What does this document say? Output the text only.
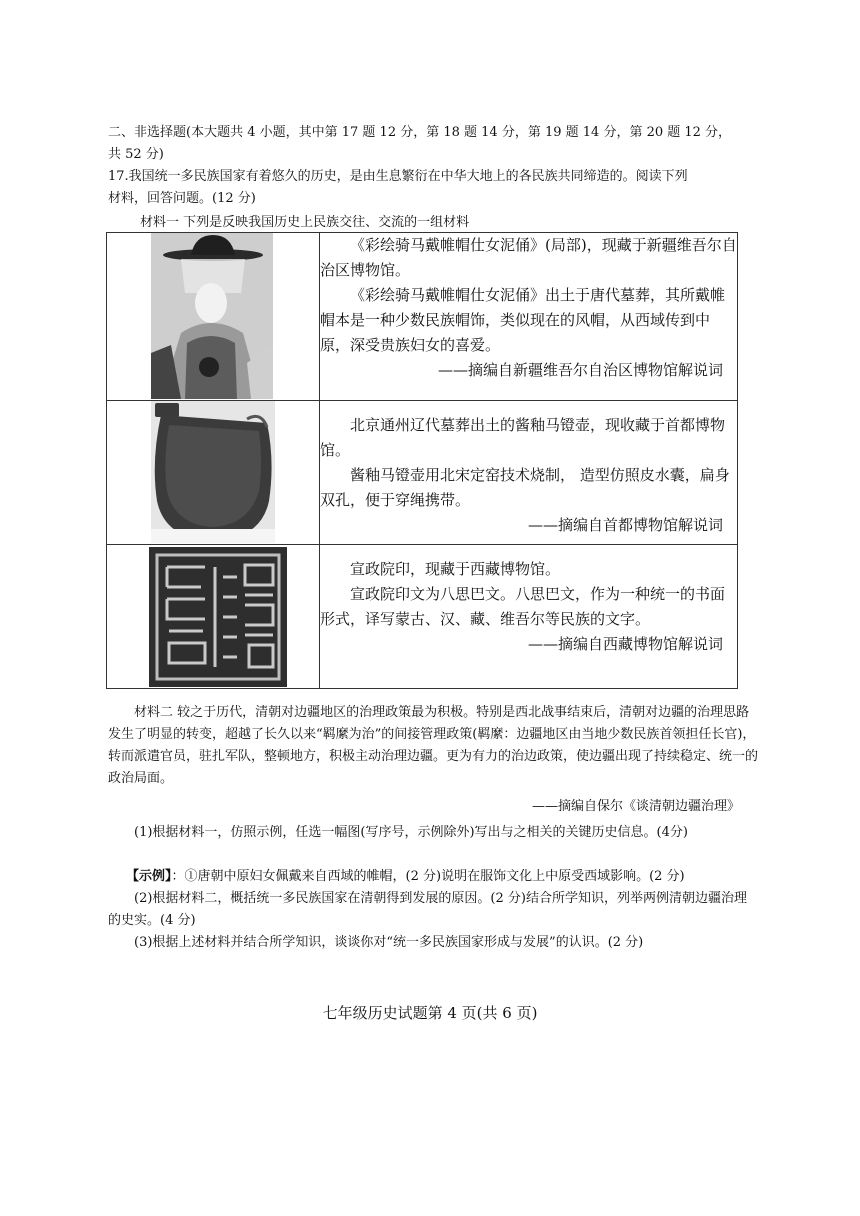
二、非选择题(本大题共 4 小题，其中第 17 题 12 分，第 18 题 14 分，第 19 题 14 分，第 20 题 12 分，
共 52 分)
17.我国统一多民族国家有着悠久的历史，是由生息繁衍在中华大地上的各民族共同缔造的。阅读下列
材料，回答问题。(12 分)
材料一 下列是反映我国历史上民族交往、交流的一组材料

《彩绘骑马戴帷帽仕女泥俑》(局部)，现藏于新疆维吾尔自治区博物馆。

《彩绘骑马戴帷帽仕女泥俑》出土于唐代墓葬，其所戴帷帽本是一种少数民族帽饰，类似现在的风帽，从西域传到中原，深受贵族妇女的喜爱。

——摘编自新疆维吾尔自治区博物馆解说词

北京通州辽代墓葬出土的酱釉马镫壶，现收藏于首都博物馆。

酱釉马镫壶用北宋定窑技术烧制， 造型仿照皮水囊，扁身双孔，便于穿绳携带。

——摘编自首都博物馆解说词

宣政院印，现藏于西藏博物馆。

宣政院印文为八思巴文。八思巴文，作为一种统一的书面形式，译写蒙古、汉、藏、维吾尔等民族的文字。

——摘编自西藏博物馆解说词

材料二 较之于历代，清朝对边疆地区的治理政策最为积极。特别是西北战事结束后，清朝对边疆的治理思路发生了明显的转变，超越了长久以来“羁縻为治”的间接管理政策(羁縻：边疆地区由当地少数民族首领担任长官)，转而派遣官员，驻扎军队，整顿地方，积极主动治理边疆。更为有力的治边政策，使边疆出现了持续稳定、统一的政治局面。
——摘编自保尔《谈清朝边疆治理》
(1)根据材料一，仿照示例，任选一幅图(写序号，示例除外)写出与之相关的关键历史信息。(4分)
【示例】：①唐朝中原妇女佩戴来自西域的帷帽，(2 分)说明在服饰文化上中原受西域影响。(2 分)
(2)根据材料二，概括统一多民族国家在清朝得到发展的原因。(2 分)结合所学知识，列举两例清朝边疆治理的史实。(4 分)
(3)根据上述材料并结合所学知识，谈谈你对“统一多民族国家形成与发展”的认识。(2 分)
七年级历史试题第 4 页(共 6 页)
